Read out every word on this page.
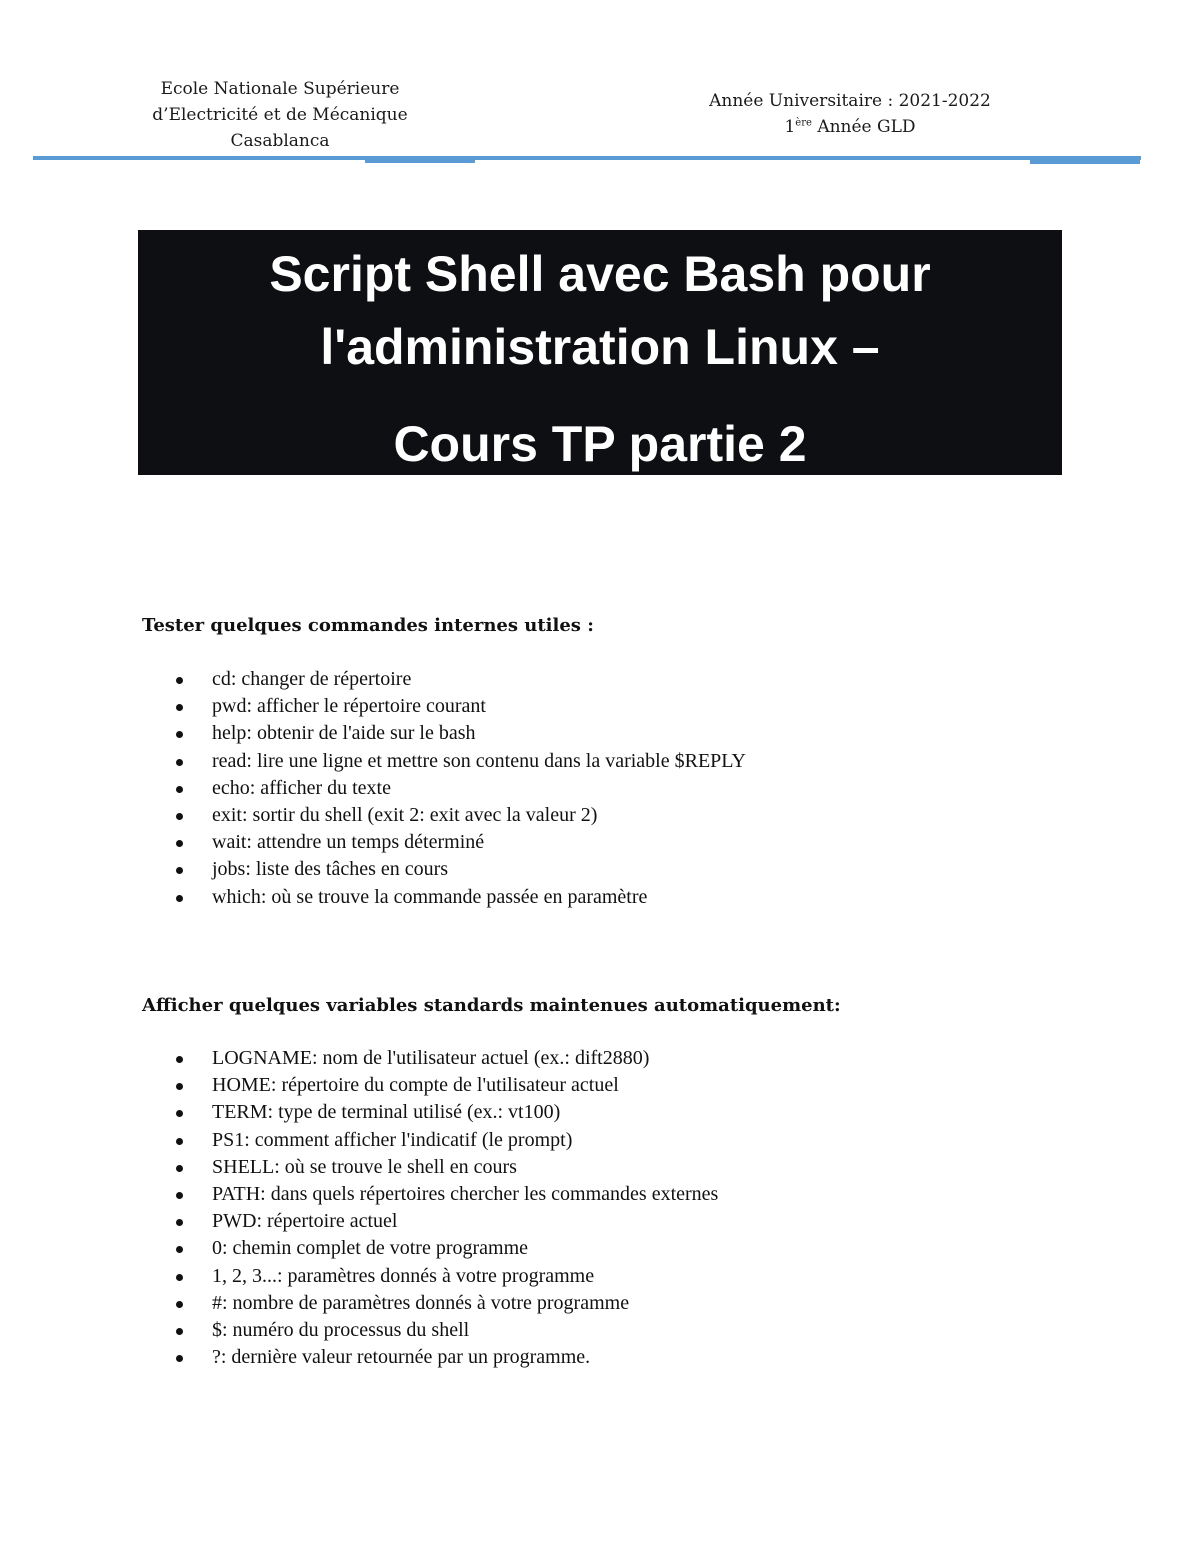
Ecole Nationale Supérieure
d’Electricité et de Mécanique
Casablanca
Année Universitaire : 2021-2022
1ère Année GLD
Script Shell avec Bash pour
l'administration Linux –
Cours TP partie 2
Tester quelques commandes internes utiles :
cd: changer de répertoire
pwd: afficher le répertoire courant
help: obtenir de l'aide sur le bash
read: lire une ligne et mettre son contenu dans la variable $REPLY
echo: afficher du texte
exit: sortir du shell (exit 2: exit avec la valeur 2)
wait: attendre un temps déterminé
jobs: liste des tâches en cours
which: où se trouve la commande passée en paramètre
Afficher quelques variables standards maintenues automatiquement:
LOGNAME: nom de l'utilisateur actuel (ex.: dift2880)
HOME: répertoire du compte de l'utilisateur actuel
TERM: type de terminal utilisé (ex.: vt100)
PS1: comment afficher l'indicatif (le prompt)
SHELL: où se trouve le shell en cours
PATH: dans quels répertoires chercher les commandes externes
PWD: répertoire actuel
0: chemin complet de votre programme
1, 2, 3...: paramètres donnés à votre programme
#: nombre de paramètres donnés à votre programme
$: numéro du processus du shell
?: dernière valeur retournée par un programme.
